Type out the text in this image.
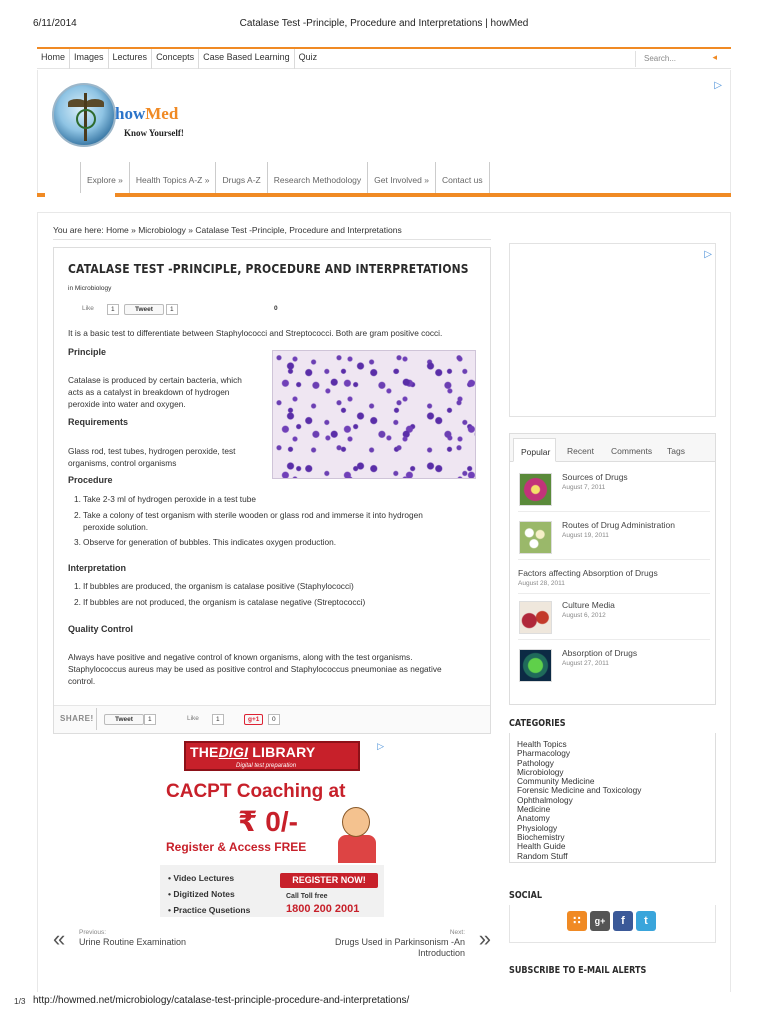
6/11/2014	Catalase Test -Principle, Procedure and Interpretations | howMed
Home	Images	Lectures	Concepts	Case Based Learning	Quiz	Search...	◂
howMed
Know Yourself!
▷
Explore »	Health Topics A-Z »	Drugs A-Z	Research Methodology	Get Involved »	Contact us
You are here: Home » Microbiology » Catalase Test -Principle, Procedure and Interpretations
CATALASE TEST -PRINCIPLE, PROCEDURE AND INTERPRETATIONS
in Microbiology
Like	1	Tweet	1	0
It is a basic test to differentiate between Staphylococci and Streptococci. Both are gram positive cocci.
Principle
Catalase is produced by certain bacteria, which
acts as a catalyst in breakdown of hydrogen
peroxide into water and oxygen.
Requirements
Glass rod, test tubes, hydrogen peroxide, test
organisms, control organisms
Procedure
1. Take 2-3 ml of hydrogen peroxide in a test tube
2. Take a colony of test organism with sterile wooden or glass rod and immerse it into hydrogen
peroxide solution.
3. Observe for generation of bubbles. This indicates oxygen production.
Interpretation
1. If bubbles are produced, the organism is catalase positive (Staphylococci)
2. If bubbles are not produced, the organism is catalase negative (Streptococci)
Quality Control
Always have positive and negative control of known organisms, along with the test organisms.
Staphylococcus aureus may be used as positive control and Staphylococcus pneumoniae as negative
control.
SHARE!	Tweet	1	Like	1	g+1	0
THEDIGI LIBRARY
Digital test preparation
▷
CACPT Coaching at
₹ 0/-
Register & Access FREE
• Video Lectures
• Digitized Notes
• Practice Qusetions
REGISTER NOW!
Call Toll free
1800 200 2001
« Previous:
Urine Routine Examination
Next:
Drugs Used in Parkinsonism -An
Introduction
»
▷
Popular	Recent	Comments	Tags
Sources of Drugs
August 7, 2011
Routes of Drug Administration
August 19, 2011
Factors affecting Absorption of Drugs
August 28, 2011
Culture Media
August 6, 2012
Absorption of Drugs
August 27, 2011
CATEGORIES
Health Topics
Pharmacology
Pathology
Microbiology
Community Medicine
Forensic Medicine and Toxicology
Ophthalmology
Medicine
Anatomy
Physiology
Biochemistry
Health Guide
Random Stuff
SOCIAL
∷	g+	f	t
SUBSCRIBE TO E-MAIL ALERTS
http://howmed.net/microbiology/catalase-test-principle-procedure-and-interpretations/
1/3
